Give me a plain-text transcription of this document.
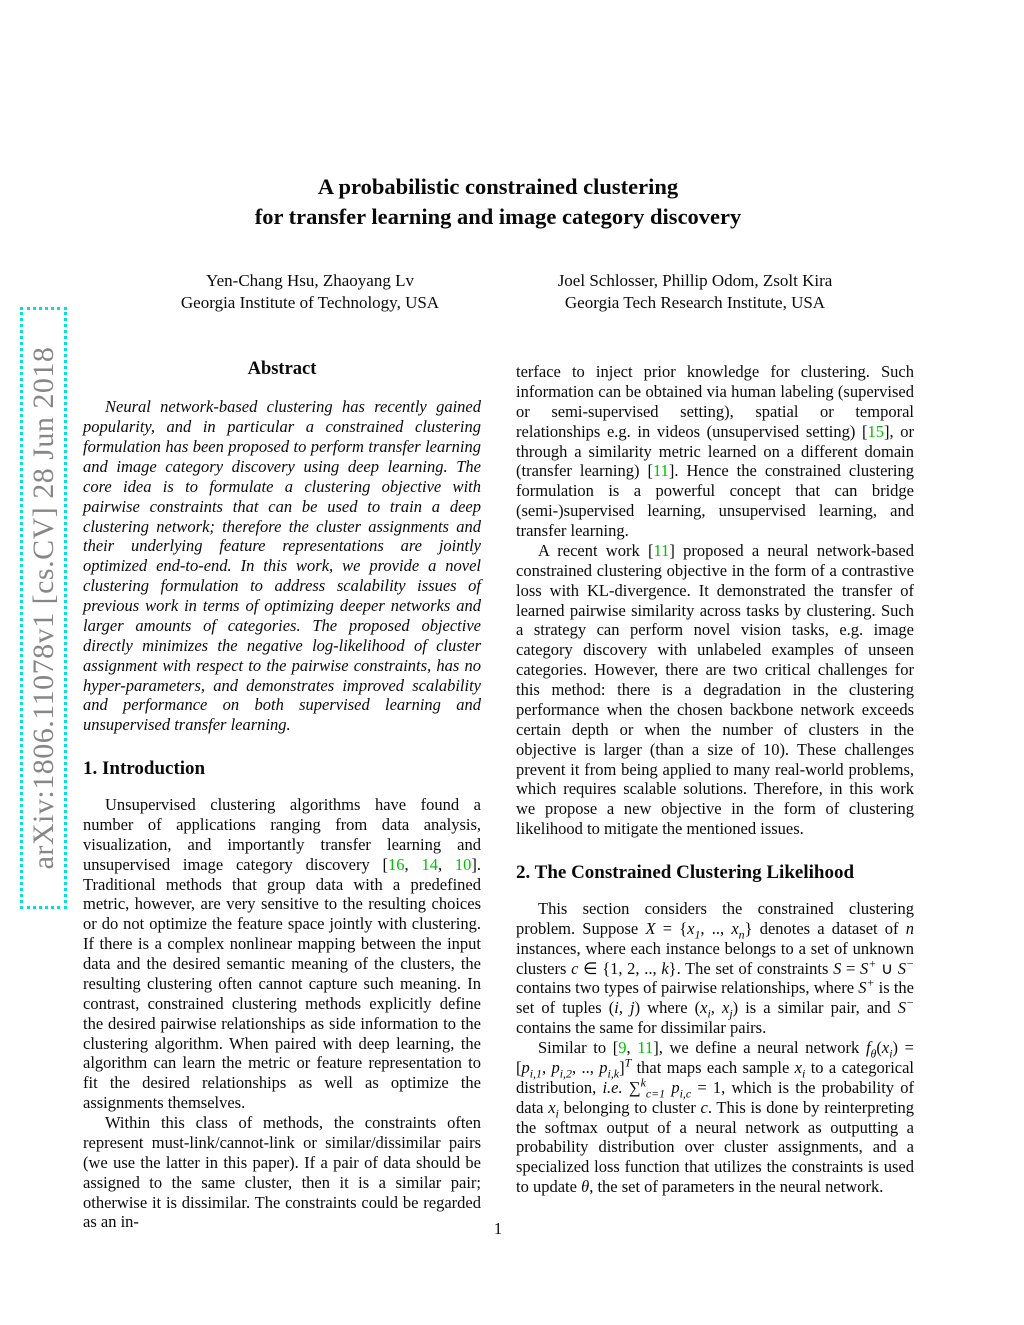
arXiv:1806.11078v1 [cs.CV] 28 Jun 2018
A probabilistic constrained clustering
for transfer learning and image category discovery
Yen-Chang Hsu, Zhaoyang Lv
Georgia Institute of Technology, USA
Joel Schlosser, Phillip Odom, Zsolt Kira
Georgia Tech Research Institute, USA
Abstract

Neural network-based clustering has recently gained popularity, and in particular a constrained clustering formulation has been proposed to perform transfer learning and image category discovery using deep learning. The core idea is to formulate a clustering objective with pairwise constraints that can be used to train a deep clustering network; therefore the cluster assignments and their underlying feature representations are jointly optimized end-to-end. In this work, we provide a novel clustering formulation to address scalability issues of previous work in terms of optimizing deeper networks and larger amounts of categories. The proposed objective directly minimizes the negative log-likelihood of cluster assignment with respect to the pairwise constraints, has no hyper-parameters, and demonstrates improved scalability and performance on both supervised learning and unsupervised transfer learning.

1. Introduction

Unsupervised clustering algorithms have found a number of applications ranging from data analysis, visualization, and importantly transfer learning and unsupervised image category discovery [16, 14, 10]. Traditional methods that group data with a predefined metric, however, are very sensitive to the resulting choices or do not optimize the feature space jointly with clustering. If there is a complex nonlinear mapping between the input data and the desired semantic meaning of the clusters, the resulting clustering often cannot capture such meaning. In contrast, constrained clustering methods explicitly define the desired pairwise relationships as side information to the clustering algorithm. When paired with deep learning, the algorithm can learn the metric or feature representation to fit the desired relationships as well as optimize the assignments themselves.

Within this class of methods, the constraints often represent must-link/cannot-link or similar/dissimilar pairs (we use the latter in this paper). If a pair of data should be assigned to the same cluster, then it is a similar pair; otherwise it is dissimilar. The constraints could be regarded as an in-

terface to inject prior knowledge for clustering. Such information can be obtained via human labeling (supervised or semi-supervised setting), spatial or temporal relationships e.g. in videos (unsupervised setting) [15], or through a similarity metric learned on a different domain (transfer learning) [11]. Hence the constrained clustering formulation is a powerful concept that can bridge (semi-)supervised learning, unsupervised learning, and transfer learning.

A recent work [11] proposed a neural network-based constrained clustering objective in the form of a contrastive loss with KL-divergence. It demonstrated the transfer of learned pairwise similarity across tasks by clustering. Such a strategy can perform novel vision tasks, e.g. image category discovery with unlabeled examples of unseen categories. However, there are two critical challenges for this method: there is a degradation in the clustering performance when the chosen backbone network exceeds certain depth or when the number of clusters in the objective is larger (than a size of 10). These challenges prevent it from being applied to many real-world problems, which requires scalable solutions. Therefore, in this work we propose a new objective in the form of clustering likelihood to mitigate the mentioned issues.

2. The Constrained Clustering Likelihood

This section considers the constrained clustering problem. Suppose $X = \{x_1$, .., $x_n$} denotes a dataset of n instances, where each instance belongs to a set of unknown clusters c ∈ {1, 2, .., k}. The set of constraints S = S+ ∪ S− contains two types of pairwise relationships, where S+ is the set of tuples (i, j) where ($x_i$, $x_j$) is a similar pair, and S− contains the same for dissimilar pairs.

Similar to [9, 11], we define a neural network $f_\theta(x_i) = [p_{i,1}$, $p_{i,2}$, .., $p_{i,k}]^T$ that maps each sample $x_i$ to a categorical distribution, i.e. ∑$^k_{c=1}$ $p_{i,c} = 1$, which is the probability of data $x_i$ belonging to cluster c. This is done by reinterpreting the softmax output of a neural network as outputting a probability distribution over cluster assignments, and a specialized loss function that utilizes the constraints is used to update θ, the set of parameters in the neural network.

1
